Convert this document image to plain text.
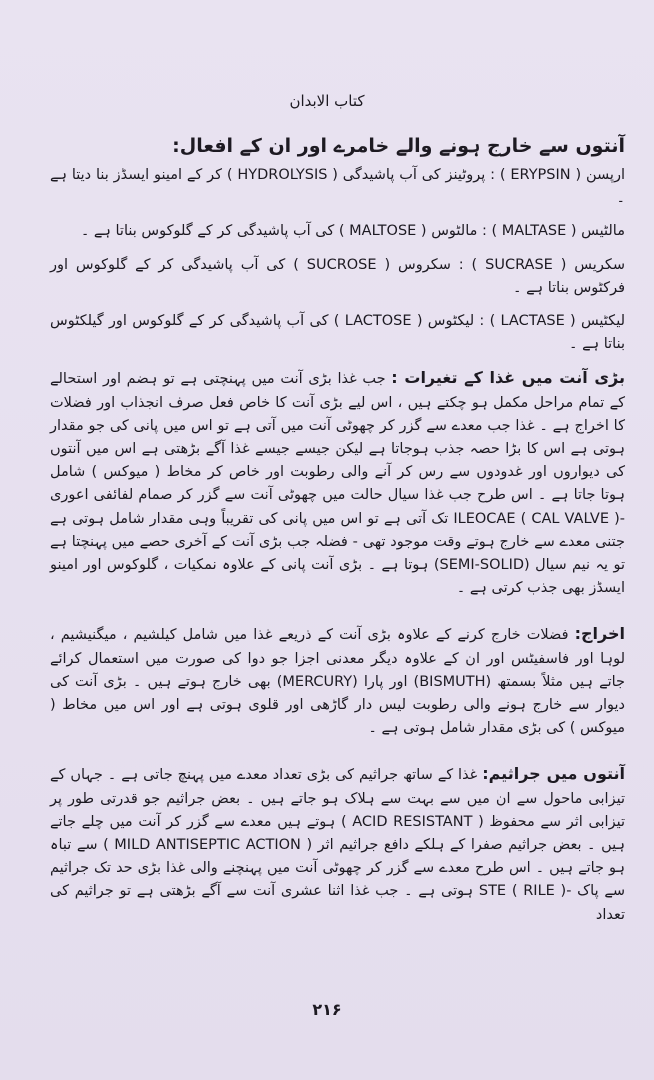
کتاب الابدان
آنتوں سے خارج ہونے والے خامرے اور ان کے افعال:

ارپسن ( ERYPSIN ) : پروٹینز کی آب پاشیدگی ( HYDROLYSIS ) کر کے امینو ایسڈز بنا دیتا ہے ۔

مالٹیس ( MALTASE ) : مالٹوس ( MALTOSE ) کی آب پاشیدگی کر کے گلوکوس بناتا ہے ۔

سکریس ( SUCRASE ) : سکروس ( SUCROSE ) کی آب پاشیدگی کر کے گلوکوس اور فرکٹوس بناتا ہے ۔

لیکٹیس ( LACTASE ) : لیکٹوس ( LACTOSE ) کی آب پاشیدگی کر کے گلوکوس اور گیلکٹوس بناتا ہے ۔

بڑی آنت میں غذا کے تغیرات : جب غذا بڑی آنت میں پہنچتی ہے تو ہضم اور استحالے کے تمام مراحل مکمل ہو چکتے ہیں ، اس لیے بڑی آنت کا خاص فعل صرف انجذاب اور فضلات کا اخراج ہے ۔ غذا جب معدے سے گزر کر چھوٹی آنت میں آتی ہے تو اس میں پانی کی جو مقدار ہوتی ہے اس کا بڑا حصہ جذب ہوجاتا ہے لیکن جیسے جیسے غذا آگے بڑھتی ہے اس میں آنتوں کی دیواروں اور غدودوں سے رس کر آنے والی رطوبت اور خاص کر مخاط ( میوکس ) شامل ہوتا جاتا ہے ۔ اس طرح جب غذا سیال حالت میں چھوٹی آنت سے گزر کر صمام لفائفی اعوری -ILEOCAE ( CAL VALVE ) تک آتی ہے تو اس میں پانی کی تقریباً وہی مقدار شامل ہوتی ہے جتنی معدے سے خارج ہوتے وقت موجود تھی - فضلہ جب بڑی آنت کے آخری حصے میں پہنچتا ہے تو یہ نیم سیال (SEMI-SOLID) ہوتا ہے ۔ بڑی آنت پانی کے علاوہ نمکیات ، گلوکوس اور امینو ایسڈز بھی جذب کرتی ہے ۔

اخراج: فضلات خارج کرنے کے علاوہ بڑی آنت کے ذریعے غذا میں شامل کیلشیم ، میگنیشیم ، لوہا اور فاسفیٹس اور ان کے علاوہ دیگر معدنی اجزا جو دوا کی صورت میں استعمال کرائے جاتے ہیں مثلاً بسمتھ (BISMUTH) اور پارا (MERCURY) بھی خارج ہوتے ہیں ۔ بڑی آنت کی دیوار سے خارج ہونے والی رطوبت لیس دار گاڑھی اور قلوی ہوتی ہے اور اس میں مخاط ( میوکس ) کی بڑی مقدار شامل ہوتی ہے ۔

آنتوں میں جراثیم: غذا کے ساتھ جراثیم کی بڑی تعداد معدے میں پہنچ جاتی ہے ۔ جہاں کے تیزابی ماحول سے ان میں سے بہت سے ہلاک ہو جاتے ہیں ۔ بعض جراثیم جو قدرتی طور پر تیزابی اثر سے محفوظ ( ACID RESISTANT ) ہوتے ہیں معدے سے گزر کر آنت میں چلے جاتے ہیں ۔ بعض جراثیم صفرا کے ہلکے دافع جراثیم اثر ( MILD ANTISEPTIC ACTION ) سے تباہ ہو جاتے ہیں ۔ اس طرح معدے سے گزر کر چھوٹی آنت میں پہنچنے والی غذا بڑی حد تک جراثیم سے پاک -STE ( RILE ) ہوتی ہے ۔ جب غذا اثنا عشری آنت سے آگے بڑھتی ہے تو جراثیم کی تعداد

۲۱۶
